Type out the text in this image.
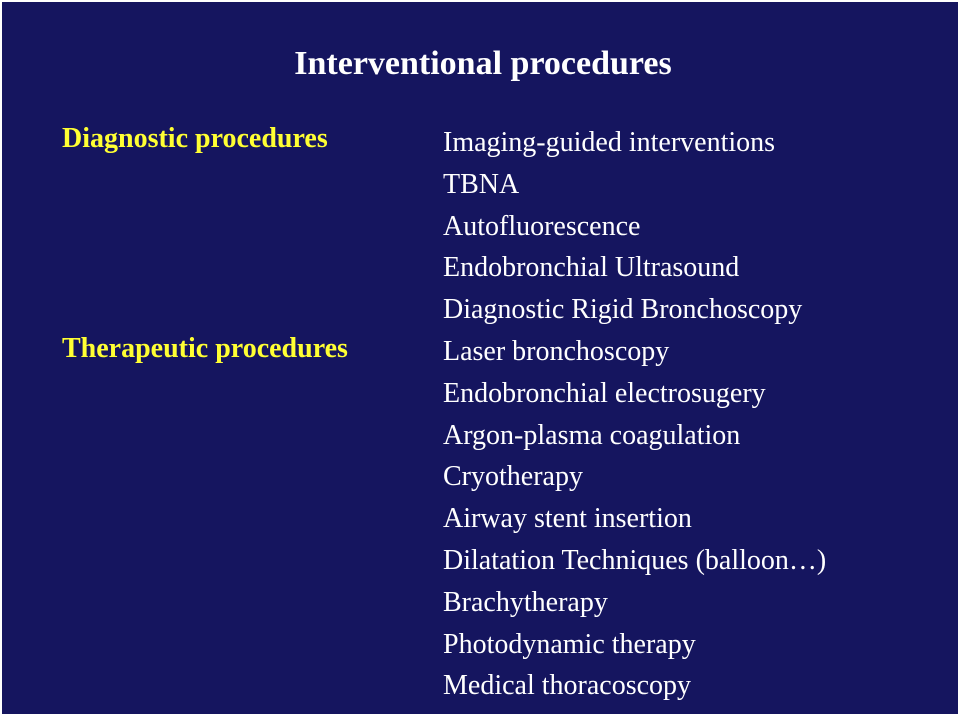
Interventional procedures
Diagnostic procedures
Therapeutic procedures
Imaging-guided interventions
TBNA
Autofluorescence
Endobronchial Ultrasound
Diagnostic Rigid Bronchoscopy
Laser bronchoscopy
Endobronchial electrosugery
Argon-plasma coagulation
Cryotherapy
Airway stent insertion
Dilatation Techniques (balloon…)
Brachytherapy
Photodynamic therapy
Medical thoracoscopy
